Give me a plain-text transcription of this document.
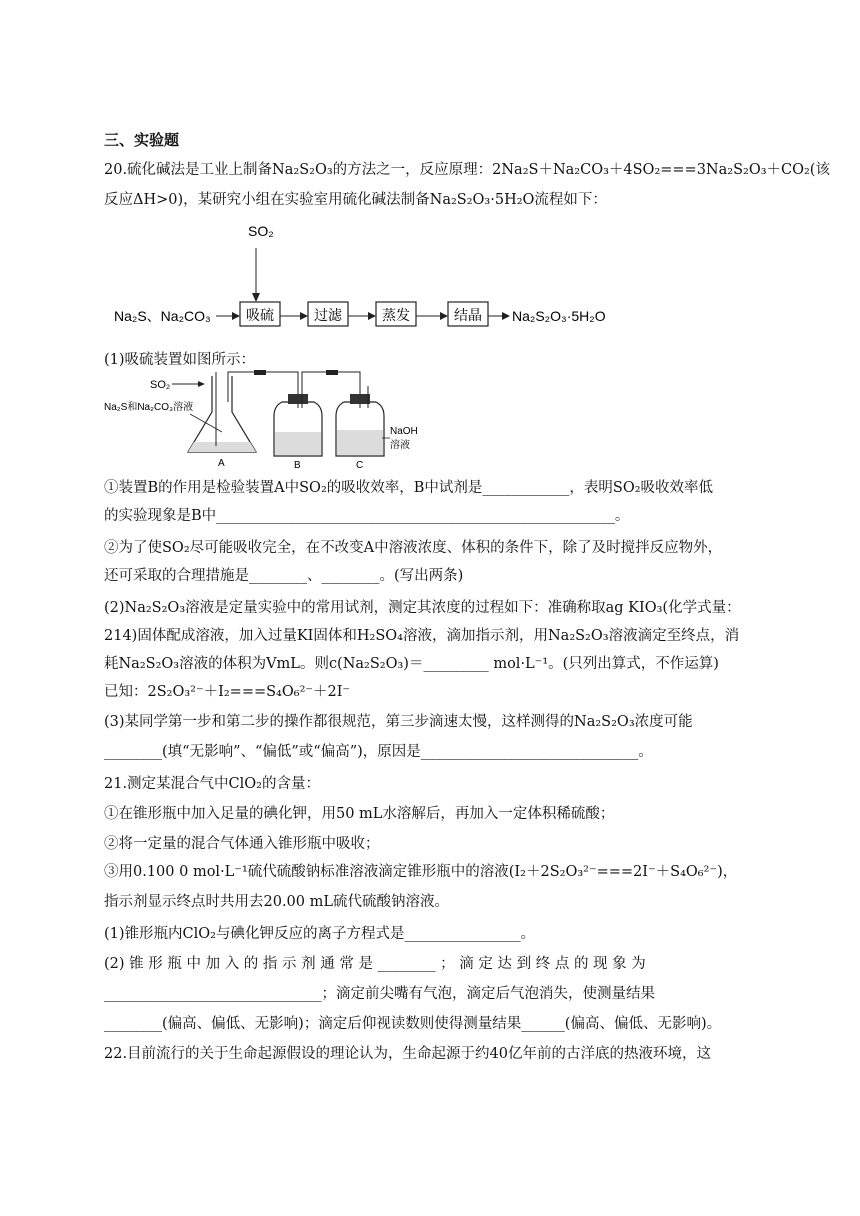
三、实验题
20.硫化碱法是工业上制备Na₂S₂O₃的方法之一，反应原理：2Na₂S＋Na₂CO₃＋4SO₂===3Na₂S₂O₃＋CO₂(该
反应ΔH>0)，某研究小组在实验室用硫化碱法制备Na₂S₂O₃·5H₂O流程如下：
SO₂
Na₂S、Na₂CO₃	吸硫	过滤	蒸发	结晶 Na₂S₂O₃·5H₂O
(1)吸硫装置如图所示：
SO₂
Na₂S和Na₂CO₃溶液
A	B	C
NaOH
溶液
①装置B的作用是检验装置A中SO₂的吸收效率，B中试剂是____________，表明SO₂吸收效率低
的实验现象是B中_______________________________________________________。
②为了使SO₂尽可能吸收完全，在不改变A中溶液浓度、体积的条件下，除了及时搅拌反应物外，
还可采取的合理措施是________、________。(写出两条)
(2)Na₂S₂O₃溶液是定量实验中的常用试剂，测定其浓度的过程如下：准确称取ag KIO₃(化学式量：
214)固体配成溶液，加入过量KI固体和H₂SO₄溶液，滴加指示剂，用Na₂S₂O₃溶液滴定至终点，消
耗Na₂S₂O₃溶液的体积为VmL。则c(Na₂S₂O₃)＝_________ mol·L⁻¹。(只列出算式，不作运算)
已知：2S₂O₃²⁻＋I₂===S₄O₆²⁻＋2I⁻
(3)某同学第一步和第二步的操作都很规范，第三步滴速太慢，这样测得的Na₂S₂O₃浓度可能
________(填“无影响”、“偏低”或“偏高”)，原因是______________________________。
21.测定某混合气中ClO₂的含量：
①在锥形瓶中加入足量的碘化钾，用50 mL水溶解后，再加入一定体积稀硫酸；
②将一定量的混合气体通入锥形瓶中吸收；
③用0.100 0 mol·L⁻¹硫代硫酸钠标准溶液滴定锥形瓶中的溶液(I₂＋2S₂O₃²⁻===2I⁻＋S₄O₆²⁻)，
指示剂显示终点时共用去20.00 mL硫代硫酸钠溶液。
(1)锥形瓶内ClO₂与碘化钾反应的离子方程式是________________。
(2) 锥 形 瓶 中 加 入 的 指 示 剂 通 常 是 ________ ； 滴 定 达 到 终 点 的 现 象 为
______________________________；滴定前尖嘴有气泡，滴定后气泡消失，使测量结果
________(偏高、偏低、无影响)；滴定后仰视读数则使得测量结果______(偏高、偏低、无影响)。
22.目前流行的关于生命起源假设的理论认为，生命起源于约40亿年前的古洋底的热液环境，这
